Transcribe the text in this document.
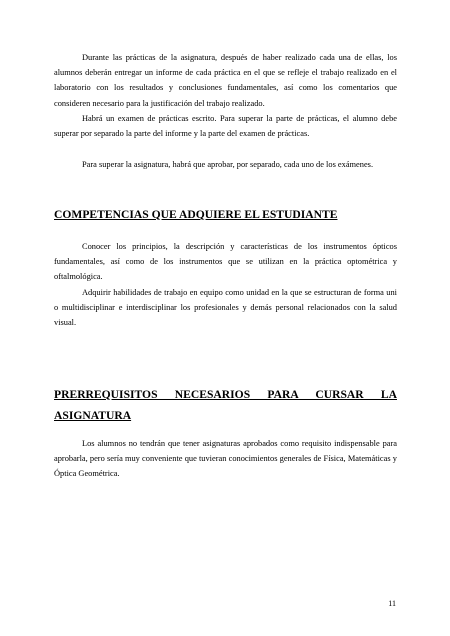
Durante las prácticas de la asignatura, después de haber realizado cada una de ellas, los alumnos deberán entregar un informe de cada práctica en el que se refleje el trabajo realizado en el laboratorio con los resultados y conclusiones fundamentales, así como los comentarios que consideren necesario para la justificación del trabajo realizado.

Habrá un examen de prácticas escrito. Para superar la parte de prácticas, el alumno debe superar por separado la parte del informe y la parte del examen de prácticas.

Para superar la asignatura, habrá que aprobar, por separado, cada uno de los exámenes.

COMPETENCIAS QUE ADQUIERE EL ESTUDIANTE

Conocer los principios, la descripción y características de los instrumentos ópticos fundamentales, así como de los instrumentos que se utilizan en la práctica optométrica y oftalmológica.

Adquirir habilidades de trabajo en equipo como unidad en la que se estructuran de forma uni o multidisciplinar e interdisciplinar los profesionales y demás personal relacionados con la salud visual.

PRERREQUISITOS NECESARIOS PARA CURSAR LA ASIGNATURA

Los alumnos no tendrán que tener asignaturas aprobados como requisito indispensable para aprobarla, pero sería muy conveniente que tuvieran conocimientos generales de Física, Matemáticas y Óptica Geométrica.

11
